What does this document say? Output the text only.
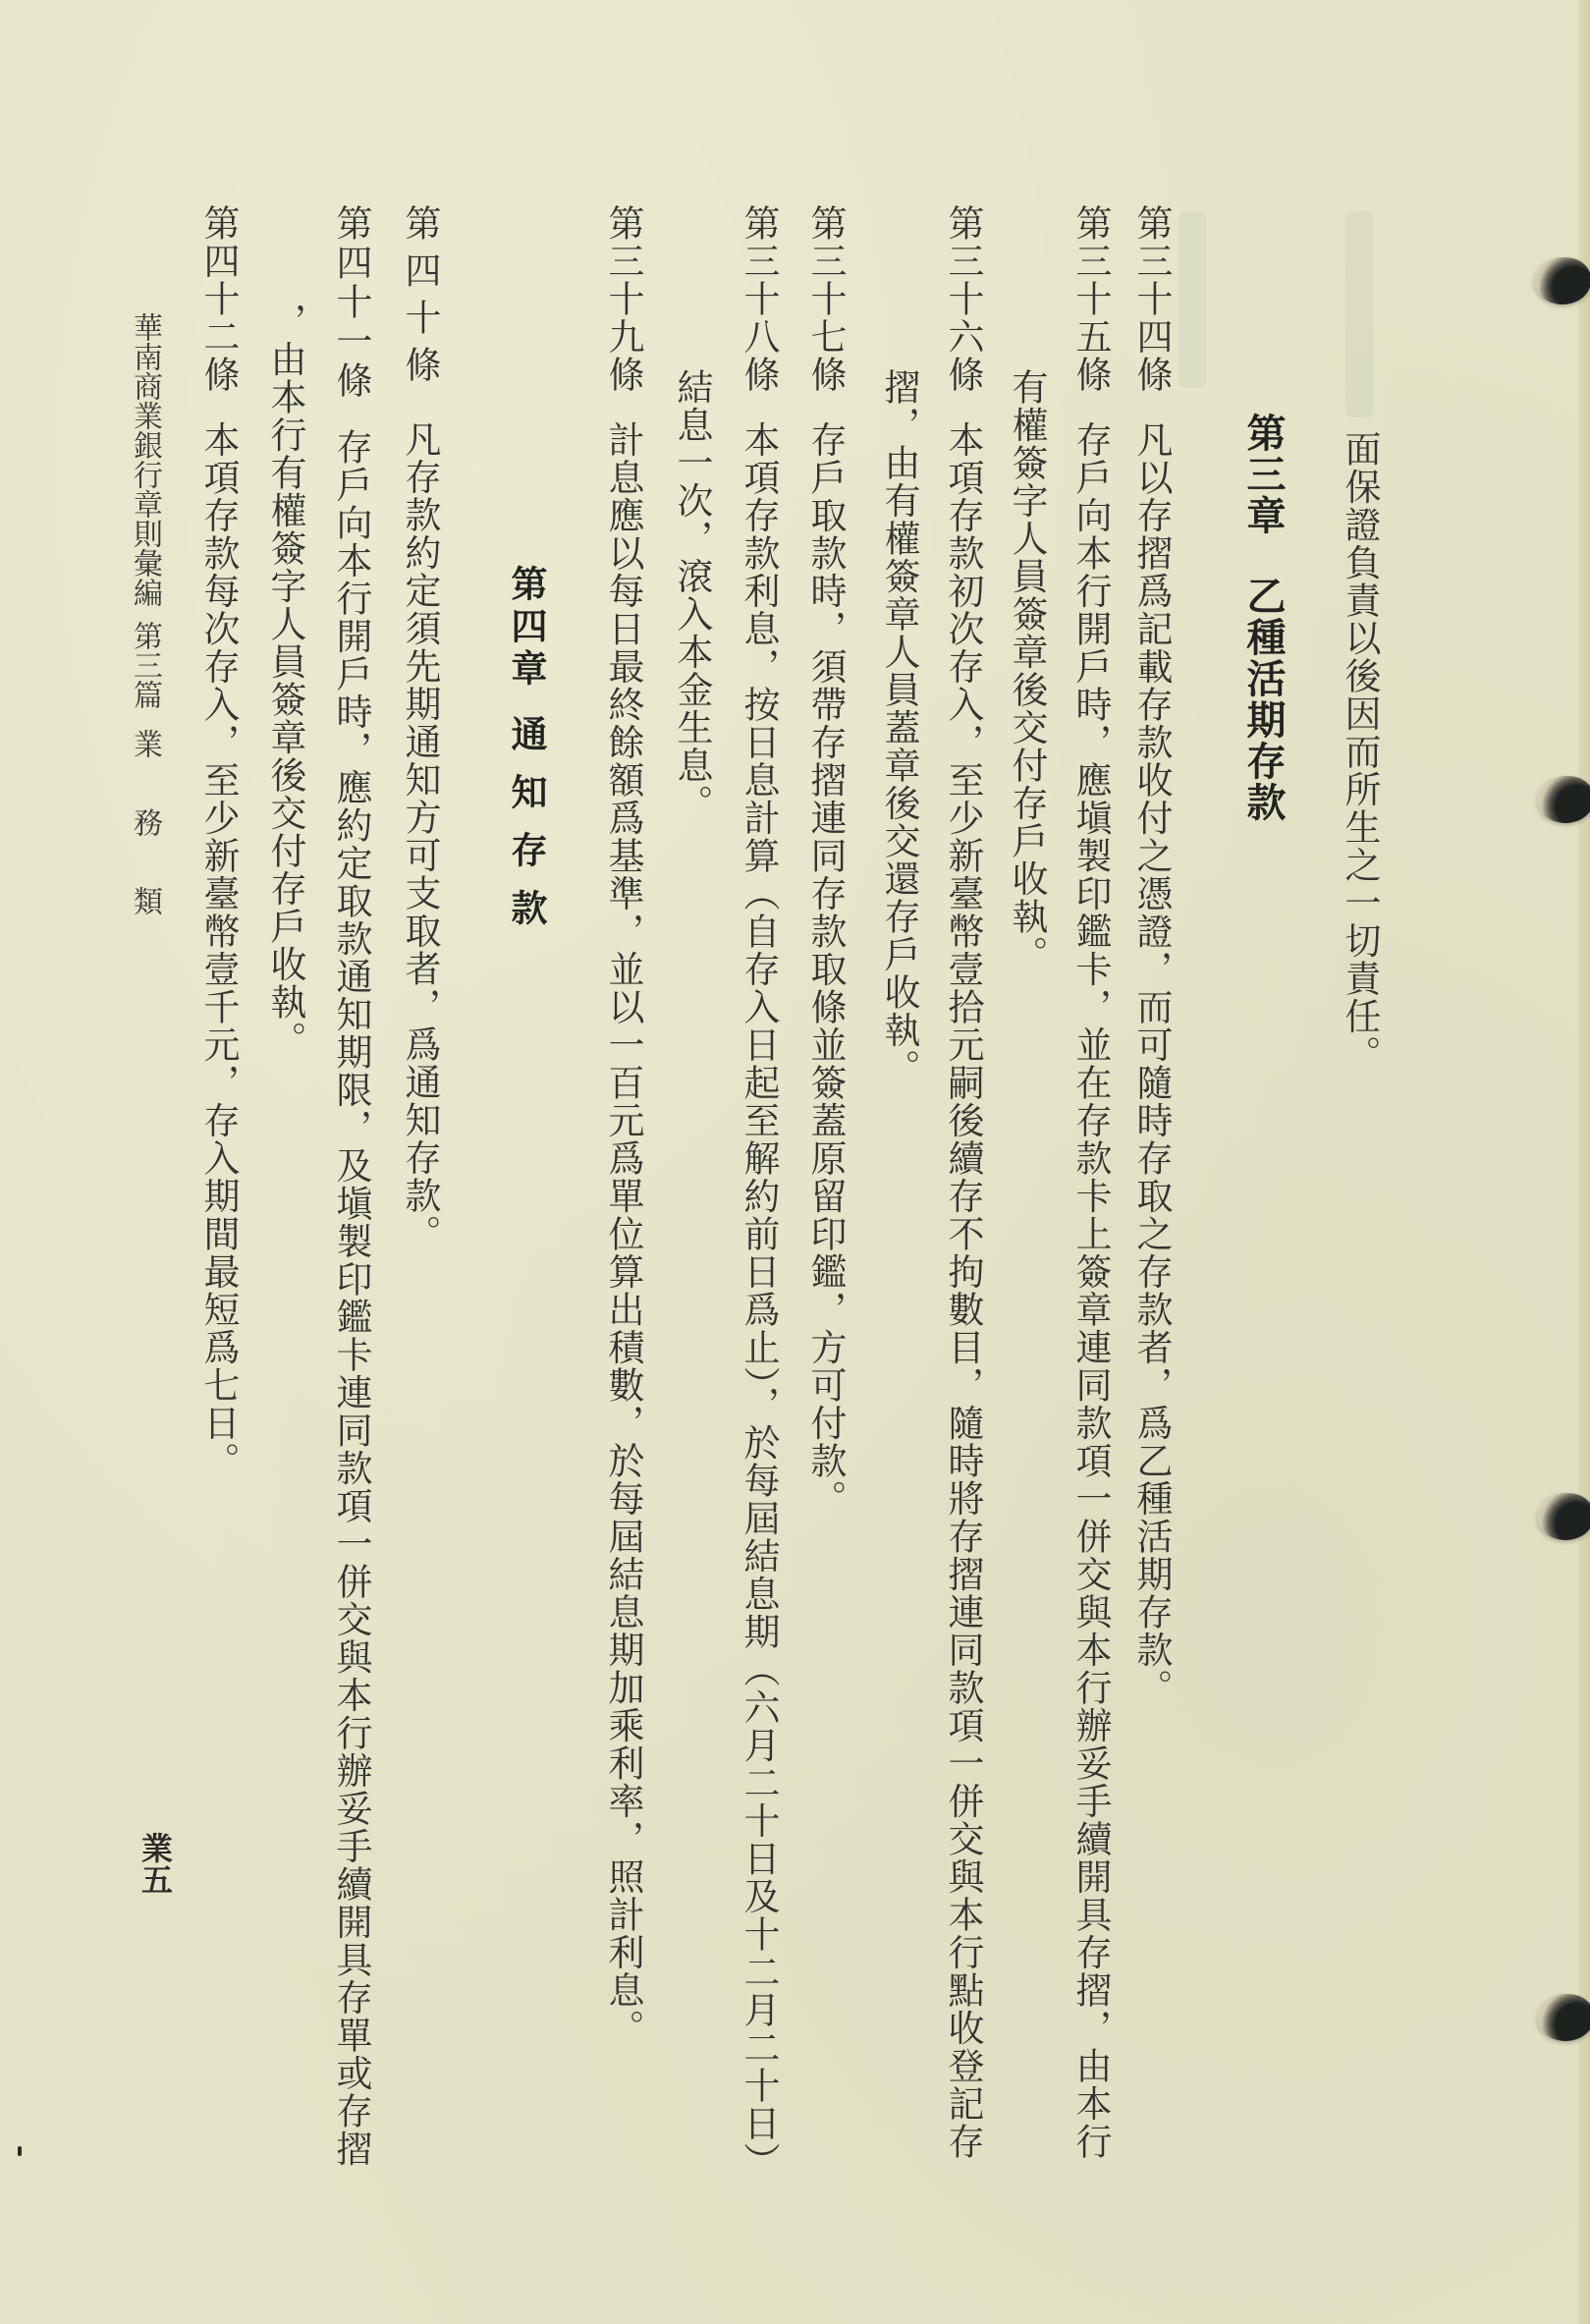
面保證負責以後因而所生之一切責任。
第三章乙種活期存款
第三十四條凡以存摺爲記載存款收付之憑證，而可隨時存取之存款者，爲乙種活期存款。
第三十五條存戶向本行開戶時，應塡製印鑑卡，並在存款卡上簽章連同款項一併交與本行辦妥手續開具存摺，由本行
有權簽字人員簽章後交付存戶收執。
第三十六條本項存款初次存入，至少新臺幣壹拾元嗣後續存不拘數目，隨時將存摺連同款項一併交與本行點收登記存
摺，由有權簽章人員蓋章後交還存戶收執。
第三十七條存戶取款時，須帶存摺連同存款取條並簽蓋原留印鑑，方可付款。
第三十八條本項存款利息，按日息計算（自存入日起至解約前日爲止），於每屆結息期（六月二十日及十二月二十日）
結息一次，滾入本金生息。
第三十九條計息應以每日最終餘額爲基準，並以一百元爲單位算出積數，於每屆結息期加乘利率，照計利息。
第四章通知存款
第四十條凡存款約定須先期通知方可支取者，爲通知存款。
第四十一條存戶向本行開戶時，應約定取款通知期限，及塡製印鑑卡連同款項一併交與本行辦妥手續開具存單或存摺
，由本行有權簽字人員簽章後交付存戶收執。
第四十二條本項存款每次存入，至少新臺幣壹千元，存入期間最短爲七日。
華南商業銀行章則彙編第三篇業務類
業五
